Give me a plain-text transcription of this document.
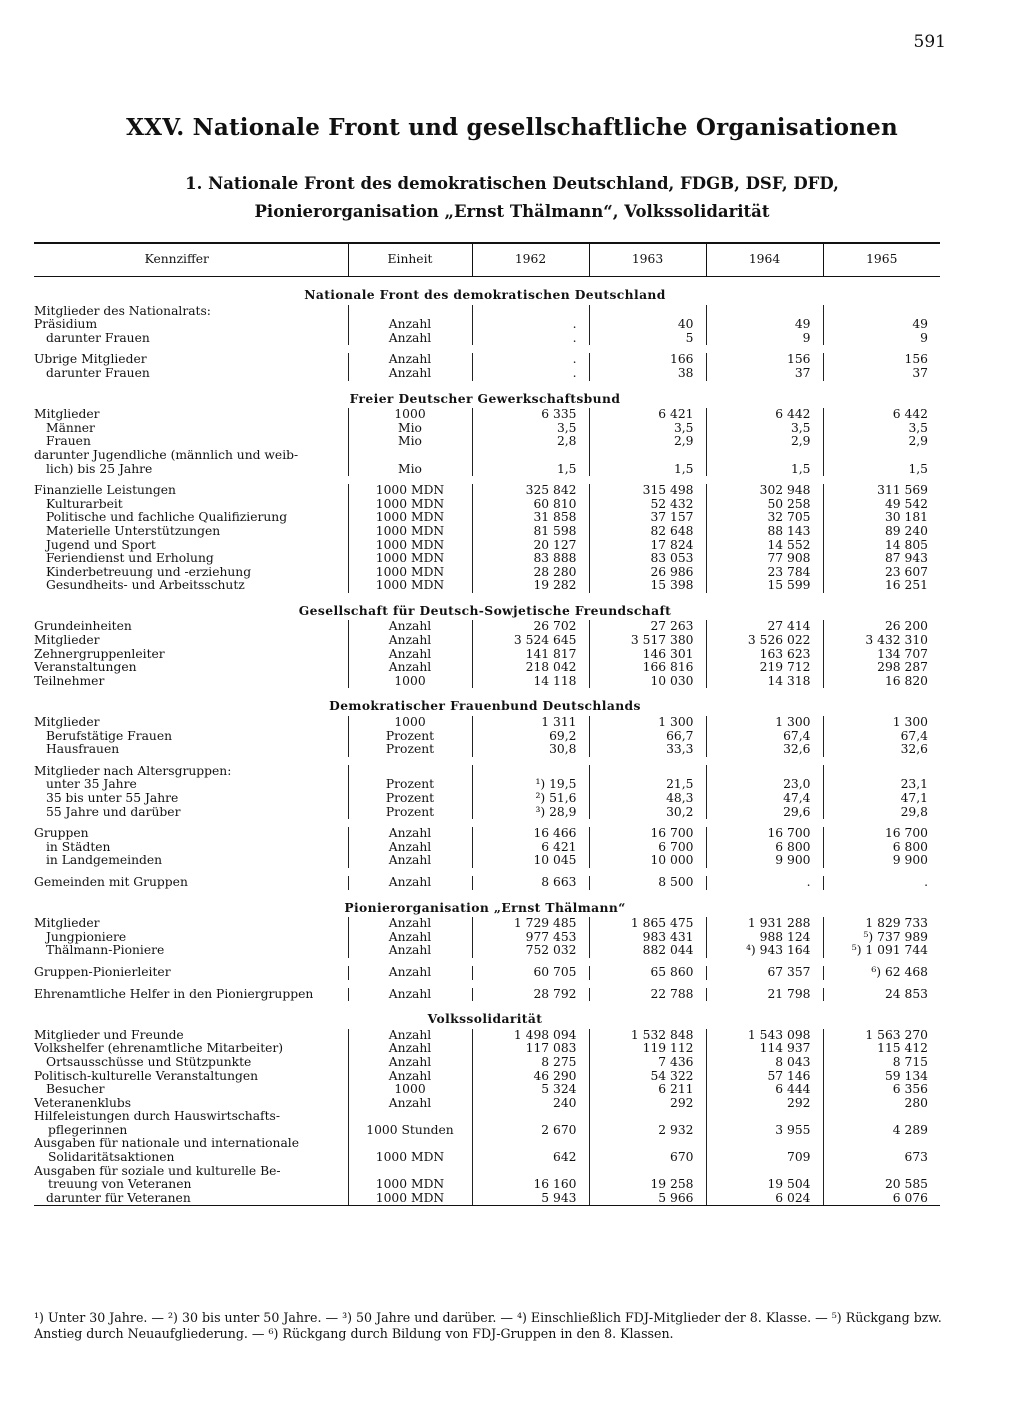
591
XXV. Nationale Front und gesellschaftliche Organisationen
1. Nationale Front des demokratischen Deutschland, FDGB, DSF, DFD,
Pionierorganisation „Ernst Thälmann“, Volkssolidarität
Kennziffer	Einheit	1962	1963	1964	1965
Nationale Front des demokratischen Deutschland					
Mitglieder des Nationalrats:					
Präsidium	Anzahl	.	40	49	49
darunter Frauen	Anzahl	.	5	9	9

Übrige Mitglieder	Anzahl	.	166	156	156
darunter Frauen	Anzahl	.	38	37	37
Freier Deutscher Gewerkschaftsbund					
Mitglieder	1000	6 335	6 421	6 442	6 442
Männer	Mio	3,5	3,5	3,5	3,5
Frauen	Mio	2,8	2,9	2,9	2,9
darunter Jugendliche (männlich und weib-					
lich) bis 25 Jahre	Mio	1,5	1,5	1,5	1,5

Finanzielle Leistungen	1000 MDN	325 842	315 498	302 948	311 569
Kulturarbeit	1000 MDN	60 810	52 432	50 258	49 542
Politische und fachliche Qualifizierung	1000 MDN	31 858	37 157	32 705	30 181
Materielle Unterstützungen	1000 MDN	81 598	82 648	88 143	89 240
Jugend und Sport	1000 MDN	20 127	17 824	14 552	14 805
Feriendienst und Erholung	1000 MDN	83 888	83 053	77 908	87 943
Kinderbetreuung und -erziehung	1000 MDN	28 280	26 986	23 784	23 607
Gesundheits- und Arbeitsschutz	1000 MDN	19 282	15 398	15 599	16 251
Gesellschaft für Deutsch-Sowjetische Freundschaft					
Grundeinheiten	Anzahl	26 702	27 263	27 414	26 200
Mitglieder	Anzahl	3 524 645	3 517 380	3 526 022	3 432 310
Zehnergruppenleiter	Anzahl	141 817	146 301	163 623	134 707
Veranstaltungen	Anzahl	218 042	166 816	219 712	298 287
Teilnehmer	1000	14 118	10 030	14 318	16 820
Demokratischer Frauenbund Deutschlands					
Mitglieder	1000	1 311	1 300	1 300	1 300
Berufstätige Frauen	Prozent	69,2	66,7	67,4	67,4
Hausfrauen	Prozent	30,8	33,3	32,6	32,6

Mitglieder nach Altersgruppen:					
unter 35 Jahre	Prozent	¹) 19,5	21,5	23,0	23,1
35 bis unter 55 Jahre	Prozent	²) 51,6	48,3	47,4	47,1
55 Jahre und darüber	Prozent	³) 28,9	30,2	29,6	29,8

Gruppen	Anzahl	16 466	16 700	16 700	16 700
in Städten	Anzahl	6 421	6 700	6 800	6 800
in Landgemeinden	Anzahl	10 045	10 000	9 900	9 900

Gemeinden mit Gruppen	Anzahl	8 663	8 500	.	.
Pionierorganisation „Ernst Thälmann“					
Mitglieder	Anzahl	1 729 485	1 865 475	1 931 288	1 829 733
Jungpioniere	Anzahl	977 453	983 431	988 124	⁵) 737 989
Thälmann-Pioniere	Anzahl	752 032	882 044	⁴) 943 164	⁵) 1 091 744

Gruppen-Pionierleiter	Anzahl	60 705	65 860	67 357	⁶) 62 468

Ehrenamtliche Helfer in den Pioniergruppen	Anzahl	28 792	22 788	21 798	24 853
Volkssolidarität					
Mitglieder und Freunde	Anzahl	1 498 094	1 532 848	1 543 098	1 563 270
Volkshelfer (ehrenamtliche Mitarbeiter)	Anzahl	117 083	119 112	114 937	115 412
Ortsausschüsse und Stützpunkte	Anzahl	8 275	7 436	8 043	8 715
Politisch-kulturelle Veranstaltungen	Anzahl	46 290	54 322	57 146	59 134
Besucher	1000	5 324	6 211	6 444	6 356
Veteranenklubs	Anzahl	240	292	292	280
Hilfeleistungen durch Hauswirtschafts-					
pflegerinnen	1000 Stunden	2 670	2 932	3 955	4 289
Ausgaben für nationale und internationale					
Solidaritätsaktionen	1000 MDN	642	670	709	673
Ausgaben für soziale und kulturelle Be-					
treuung von Veteranen	1000 MDN	16 160	19 258	19 504	20 585
darunter für Veteranen	1000 MDN	5 943	5 966	6 024	6 076

¹) Unter 30 Jahre. — ²) 30 bis unter 50 Jahre. — ³) 50 Jahre und darüber. — ⁴) Einschließlich FDJ-Mitglieder der 8. Klasse. — ⁵) Rückgang bzw. Anstieg durch Neuaufgliederung. — ⁶) Rückgang durch Bildung von FDJ-Gruppen in den 8. Klassen.
